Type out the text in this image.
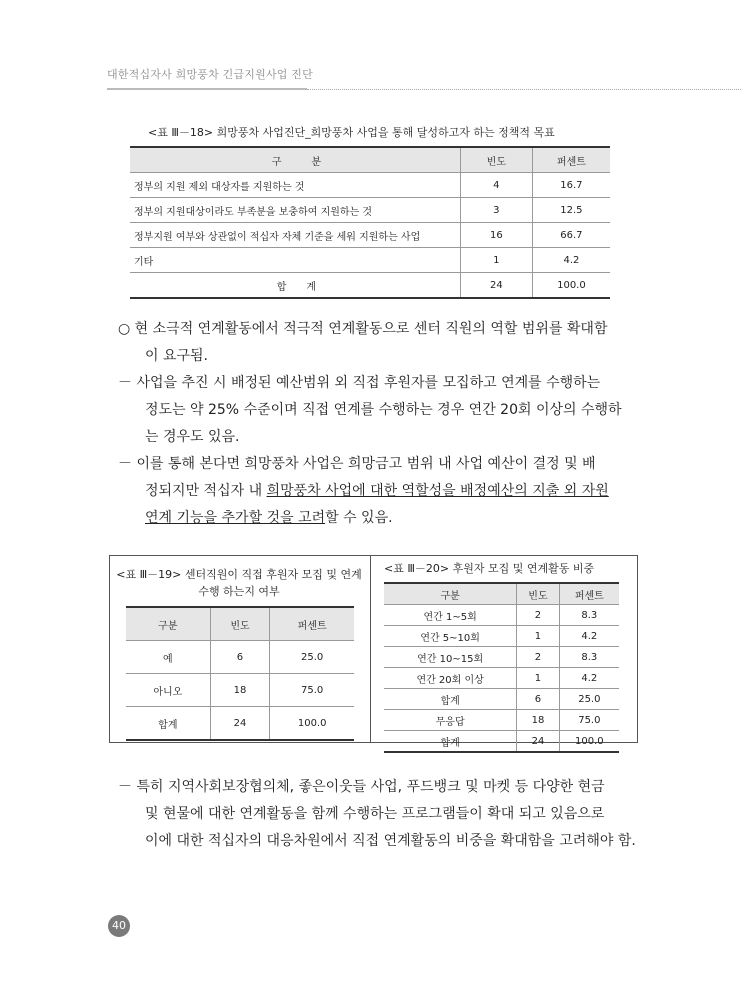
대한적십자사 희망풍차 긴급지원사업 진단
<표 Ⅲ－18> 희망풍차 사업진단_희망풍차 사업을 통해 달성하고자 하는 정책적 목표
구　　　분	빈도	퍼센트
정부의 지원 제외 대상자를 지원하는 것	4	16.7
정부의 지원대상이라도 부족분을 보충하여 지원하는 것	3	12.5
정부지원 여부와 상관없이 적십자 자체 기준을 세워 지원하는 사업	16	66.7
기타	1	4.2
합　　계	24	100.0
○ 현 소극적 연계활동에서 적극적 연계활동으로 센터 직원의 역할 범위를 확대함
이 요구됨.
－ 사업을 추진 시 배정된 예산범위 외 직접 후원자를 모집하고 연계를 수행하는
정도는 약 25% 수준이며 직접 연계를 수행하는 경우 연간 20회 이상의 수행하
는 경우도 있음.
－ 이를 통해 본다면 희망풍차 사업은 희망금고 범위 내 사업 예산이 결정 및 배
정되지만 적십자 내 희망풍차 사업에 대한 역할성을 배정예산의 지출 외 자원
연계 기능을 추가할 것을 고려할 수 있음.
<표 Ⅲ－19> 센터직원이 직접 후원자 모집 및 연계수행 하는지 여부
구분	빈도	퍼센트
예	6	25.0
아니오	18	75.0
합계	24	100.0
<표 Ⅲ－20> 후원자 모집 및 연계활동 비중
구분	빈도	퍼센트
연간 1~5회	2	8.3
연간 5~10회	1	4.2
연간 10~15회	2	8.3
연간 20회 이상	1	4.2
합계	6	25.0
무응답	18	75.0
합계	24	100.0
－ 특히 지역사회보장협의체, 좋은이웃들 사업, 푸드뱅크 및 마켓 등 다양한 현금
및 현물에 대한 연계활동을 함께 수행하는 프로그램들이 확대 되고 있음으로
이에 대한 적십자의 대응차원에서 직접 연계활동의 비중을 확대함을 고려해야 함.
40
